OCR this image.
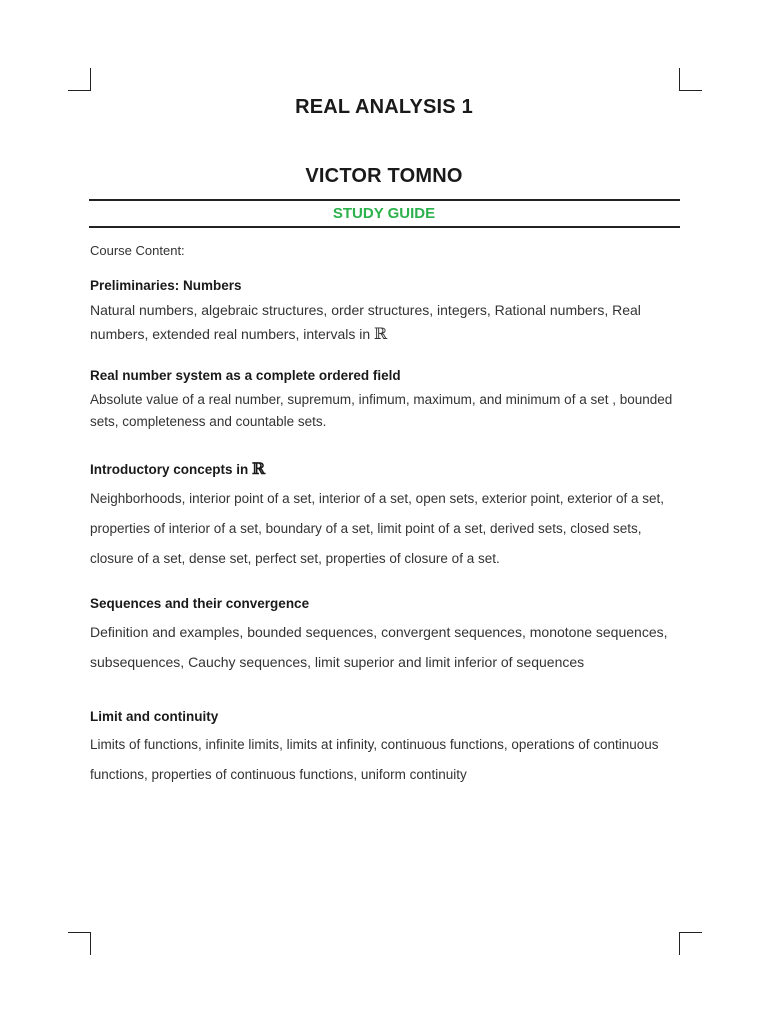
REAL ANALYSIS 1
VICTOR TOMNO
STUDY GUIDE

Course Content:

Preliminaries: Numbers

Natural numbers, algebraic structures, order structures, integers, Rational numbers, Real numbers, extended real numbers, intervals in ℝ

Real number system as a complete ordered field

Absolute value of a real number, supremum, infimum, maximum, and minimum of a set , bounded sets, completeness and countable sets.

Introductory concepts in ℝ

Neighborhoods, interior point of a set, interior of a set, open sets, exterior point, exterior of a set, properties of interior of a set, boundary of a set, limit point of a set, derived sets, closed sets, closure of a set, dense set, perfect set, properties of closure of a set.

Sequences and their convergence

Definition and examples, bounded sequences, convergent sequences, monotone sequences, subsequences, Cauchy sequences, limit superior and limit inferior of sequences

Limit and continuity

Limits of functions, infinite limits, limits at infinity, continuous functions, operations of continuous functions, properties of continuous functions, uniform continuity
